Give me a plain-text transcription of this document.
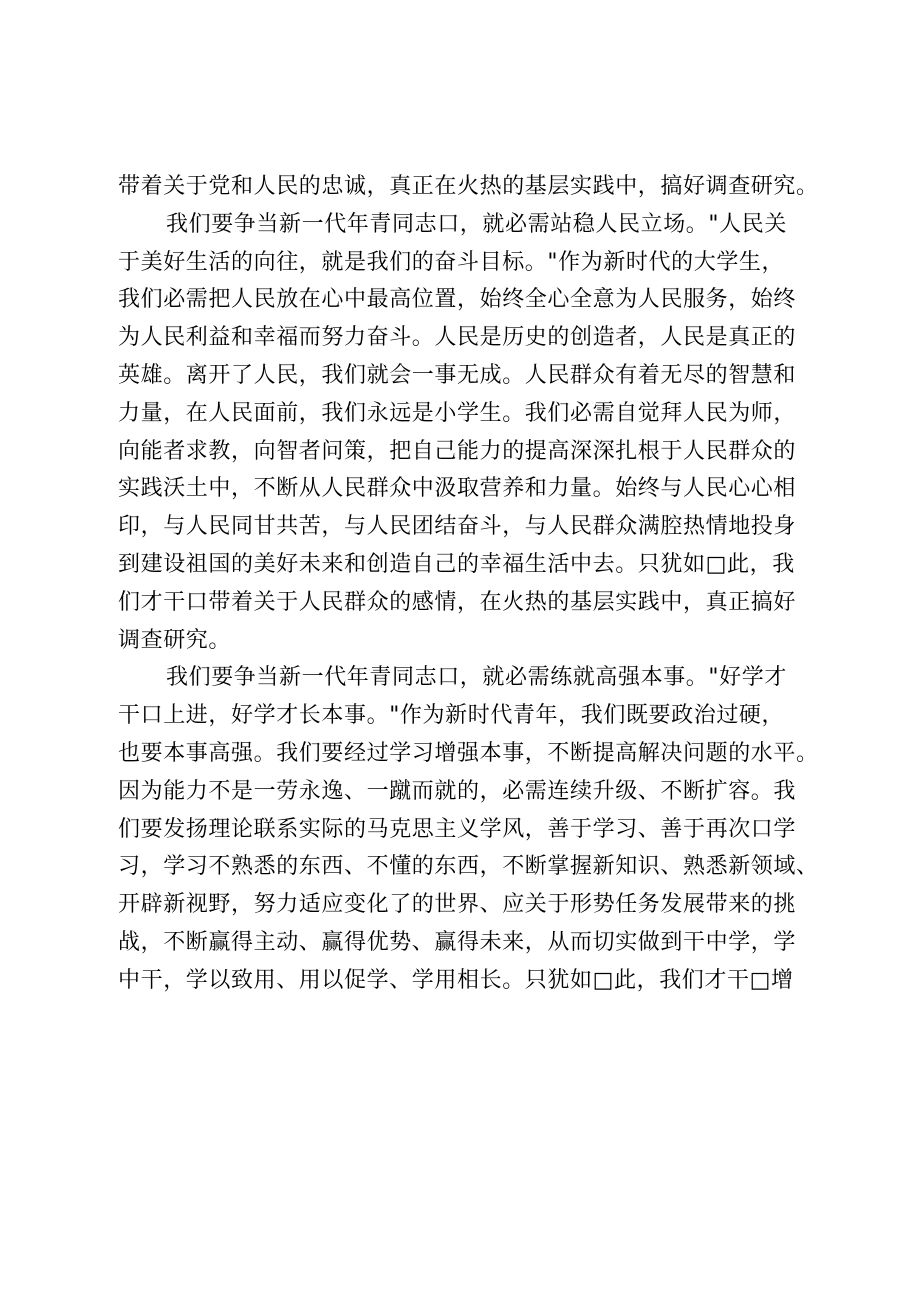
带着关于党和人民的忠诚，真正在火热的基层实践中，搞好调查研究。
我们要争当新一代年青同志口，就必需站稳人民立场。"人民关
于美好生活的向往，就是我们的奋斗目标。"作为新时代的大学生，
我们必需把人民放在心中最高位置，始终全心全意为人民服务，始终
为人民利益和幸福而努力奋斗。人民是历史的创造者，人民是真正的
英雄。离开了人民，我们就会一事无成。人民群众有着无尽的智慧和
力量，在人民面前，我们永远是小学生。我们必需自觉拜人民为师，
向能者求教，向智者问策，把自己能力的提高深深扎根于人民群众的
实践沃土中，不断从人民群众中汲取营养和力量。始终与人民心心相
印，与人民同甘共苦，与人民团结奋斗，与人民群众满腔热情地投身
到建设祖国的美好未来和创造自己的幸福生活中去。只犹如□此，我
们才干口带着关于人民群众的感情，在火热的基层实践中，真正搞好
调查研究。
我们要争当新一代年青同志口，就必需练就高强本事。"好学才
干口上进，好学才长本事。"作为新时代青年，我们既要政治过硬，
也要本事高强。我们要经过学习增强本事，不断提高解决问题的水平。
因为能力不是一劳永逸、一蹴而就的，必需连续升级、不断扩容。我
们要发扬理论联系实际的马克思主义学风，善于学习、善于再次口学
习，学习不熟悉的东西、不懂的东西，不断掌握新知识、熟悉新领域、
开辟新视野，努力适应变化了的世界、应关于形势任务发展带来的挑
战，不断赢得主动、赢得优势、赢得未来，从而切实做到干中学，学
中干，学以致用、用以促学、学用相长。只犹如□此，我们才干□增
